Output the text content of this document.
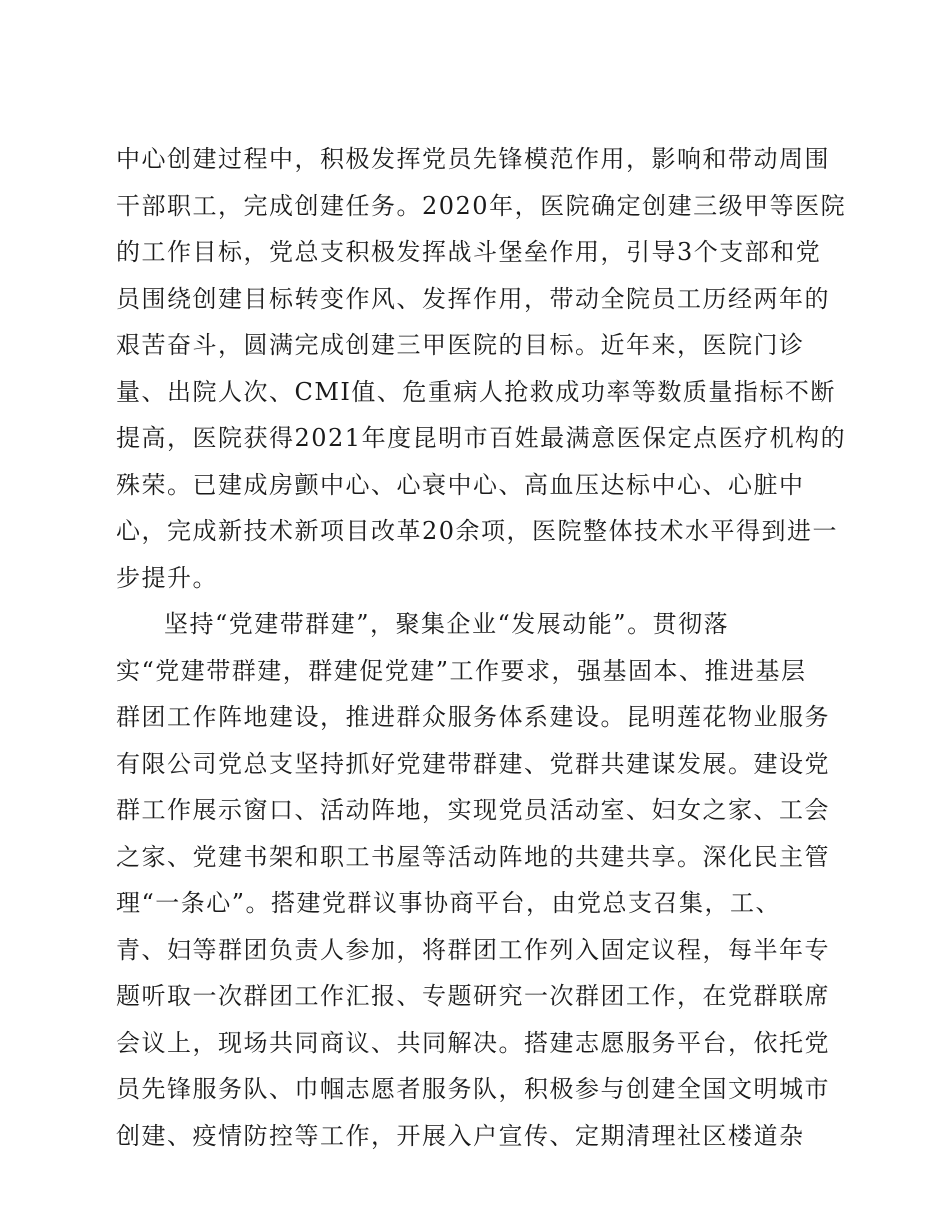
中心创建过程中，积极发挥党员先锋模范作用，影响和带动周围
干部职工，完成创建任务。2020年，医院确定创建三级甲等医院
的工作目标，党总支积极发挥战斗堡垒作用，引导3个支部和党
员围绕创建目标转变作风、发挥作用，带动全院员工历经两年的
艰苦奋斗，圆满完成创建三甲医院的目标。近年来，医院门诊
量、出院人次、CMI值、危重病人抢救成功率等数质量指标不断
提高，医院获得2021年度昆明市百姓最满意医保定点医疗机构的
殊荣。已建成房颤中心、心衰中心、高血压达标中心、心脏中
心，完成新技术新项目改革20余项，医院整体技术水平得到进一
步提升。
坚持“党建带群建”，聚集企业“发展动能”。贯彻落
实“党建带群建，群建促党建”工作要求，强基固本、推进基层
群团工作阵地建设，推进群众服务体系建设。昆明莲花物业服务
有限公司党总支坚持抓好党建带群建、党群共建谋发展。建设党
群工作展示窗口、活动阵地，实现党员活动室、妇女之家、工会
之家、党建书架和职工书屋等活动阵地的共建共享。深化民主管
理“一条心”。搭建党群议事协商平台，由党总支召集，工、
青、妇等群团负责人参加，将群团工作列入固定议程，每半年专
题听取一次群团工作汇报、专题研究一次群团工作，在党群联席
会议上，现场共同商议、共同解决。搭建志愿服务平台，依托党
员先锋服务队、巾帼志愿者服务队，积极参与创建全国文明城市
创建、疫情防控等工作，开展入户宣传、定期清理社区楼道杂
